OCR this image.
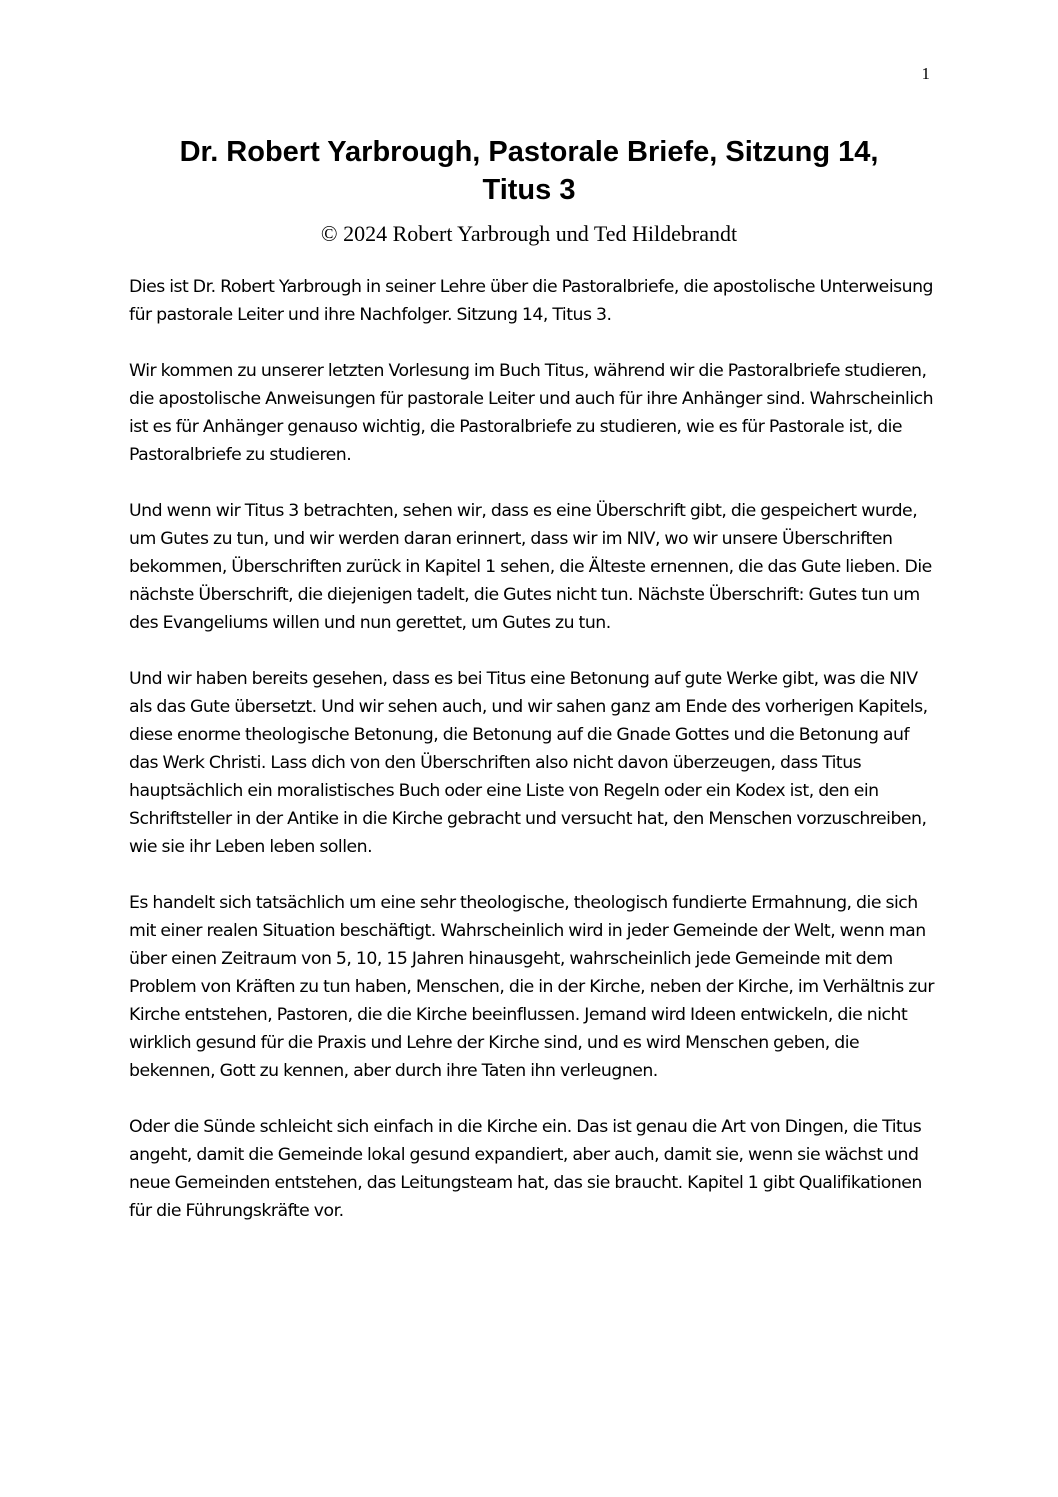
1
Dr. Robert Yarbrough, Pastorale Briefe, Sitzung 14,
Titus 3
© 2024 Robert Yarbrough und Ted Hildebrandt

Dies ist Dr. Robert Yarbrough in seiner Lehre über die Pastoralbriefe, die apostolische Unterweisung für pastorale Leiter und ihre Nachfolger. Sitzung 14, Titus 3.

Wir kommen zu unserer letzten Vorlesung im Buch Titus, während wir die Pastoralbriefe studieren, die apostolische Anweisungen für pastorale Leiter und auch für ihre Anhänger sind. Wahrscheinlich ist es für Anhänger genauso wichtig, die Pastoralbriefe zu studieren, wie es für Pastorale ist, die Pastoralbriefe zu studieren.

Und wenn wir Titus 3 betrachten, sehen wir, dass es eine Überschrift gibt, die gespeichert wurde, um Gutes zu tun, und wir werden daran erinnert, dass wir im NIV, wo wir unsere Überschriften bekommen, Überschriften zurück in Kapitel 1 sehen, die Älteste ernennen, die das Gute lieben. Die nächste Überschrift, die diejenigen tadelt, die Gutes nicht tun. Nächste Überschrift: Gutes tun um des Evangeliums willen und nun gerettet, um Gutes zu tun.

Und wir haben bereits gesehen, dass es bei Titus eine Betonung auf gute Werke gibt, was die NIV als das Gute übersetzt. Und wir sehen auch, und wir sahen ganz am Ende des vorherigen Kapitels, diese enorme theologische Betonung, die Betonung auf die Gnade Gottes und die Betonung auf das Werk Christi. Lass dich von den Überschriften also nicht davon überzeugen, dass Titus hauptsächlich ein moralistisches Buch oder eine Liste von Regeln oder ein Kodex ist, den ein Schriftsteller in der Antike in die Kirche gebracht und versucht hat, den Menschen vorzuschreiben, wie sie ihr Leben leben sollen.

Es handelt sich tatsächlich um eine sehr theologische, theologisch fundierte Ermahnung, die sich mit einer realen Situation beschäftigt. Wahrscheinlich wird in jeder Gemeinde der Welt, wenn man über einen Zeitraum von 5, 10, 15 Jahren hinausgeht, wahrscheinlich jede Gemeinde mit dem Problem von Kräften zu tun haben, Menschen, die in der Kirche, neben der Kirche, im Verhältnis zur Kirche entstehen, Pastoren, die die Kirche beeinflussen. Jemand wird Ideen entwickeln, die nicht wirklich gesund für die Praxis und Lehre der Kirche sind, und es wird Menschen geben, die bekennen, Gott zu kennen, aber durch ihre Taten ihn verleugnen.

Oder die Sünde schleicht sich einfach in die Kirche ein. Das ist genau die Art von Dingen, die Titus angeht, damit die Gemeinde lokal gesund expandiert, aber auch, damit sie, wenn sie wächst und neue Gemeinden entstehen, das Leitungsteam hat, das sie braucht. Kapitel 1 gibt Qualifikationen für die Führungskräfte vor.
